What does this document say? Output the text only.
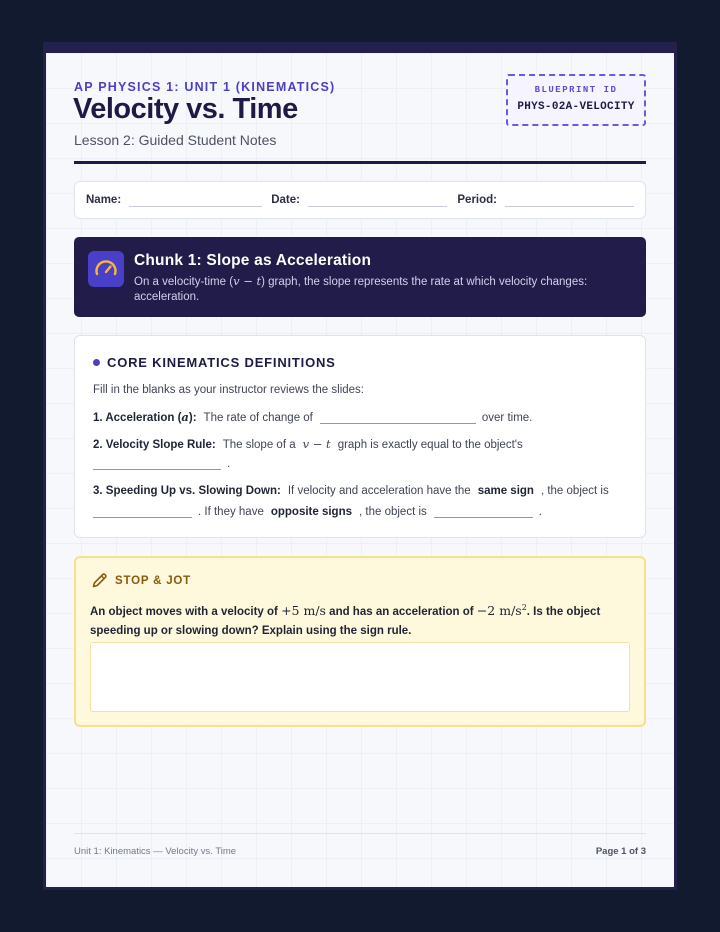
AP PHYSICS 1: UNIT 1 (KINEMATICS)
Velocity vs. Time
Lesson 2: Guided Student Notes
BLUEPRINT ID
PHYS-02A-VELOCITY
Name:	Date:	Period:
Chunk 1: Slope as Acceleration
On a velocity-time (v − t) graph, the slope represents the rate at which velocity changes: acceleration.
CORE KINEMATICS DEFINITIONS
Fill in the blanks as your instructor reviews the slides:
1. Acceleration (a): The rate of change of	over time.
2. Velocity Slope Rule: The slope of a v − t graph is exactly equal to the object's
.
3. Speeding Up vs. Slowing Down: If velocity and acceleration have the same sign , the object is
. If they have opposite signs , the object is	.
STOP & JOT
An object moves with a velocity of +5 m/s and has an acceleration of −2 $m/s^2$. Is the object speeding up or slowing down? Explain using the sign rule.
Unit 1: Kinematics — Velocity vs. Time	Page 1 of 3
